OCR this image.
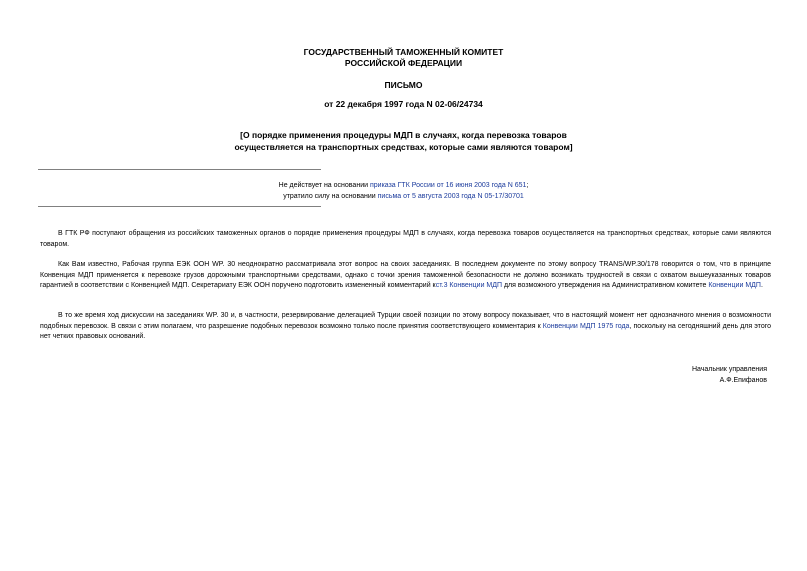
ГОСУДАРСТВЕННЫЙ ТАМОЖЕННЫЙ КОМИТЕТ
РОССИЙСКОЙ ФЕДЕРАЦИИ
ПИСЬМО
от 22 декабря 1997 года N 02-06/24734
[О порядке применения процедуры МДП в случаях, когда перевозка товаров
осуществляется на транспортных средствах, которые сами являются товаром]
Не действует на основании приказа ГТК России от 16 июня 2003 года N 651;
утратило силу на основании письма от 5 августа 2003 года N 05-17/30701

В ГТК РФ поступают обращения из российских таможенных органов о порядке применения процедуры МДП в случаях, когда перевозка товаров осуществляется на транспортных средствах, которые сами являются товаром.

Как Вам известно, Рабочая группа ЕЭК ООН WP. 30 неоднократно рассматривала этот вопрос на своих заседаниях. В последнем документе по этому вопросу TRANS/WP.30/178 говорится о том, что в принципе Конвенция МДП применяется к перевозке грузов дорожными транспортными средствами, однако с точки зрения таможенной безопасности не должно возникать трудностей в связи с охватом вышеуказанных товаров гарантией в соответствии с Конвенцией МДП. Секретариату ЕЭК ООН поручено подготовить измененный комментарий кст.3 Конвенции МДП для возможного утверждения на Административном комитете Конвенции МДП.

В то же время ход дискуссии на заседаниях WP. 30 и, в частности, резервирование делегацией Турции своей позиции по этому вопросу показывает, что в настоящий момент нет однозначного мнения о возможности подобных перевозок. В связи с этим полагаем, что разрешение подобных перевозок возможно только после принятия соответствующего комментария к Конвенции МДП 1975 года, поскольку на сегодняшний день для этого нет четких правовых оснований.

Начальник управления
А.Ф.Епифанов
